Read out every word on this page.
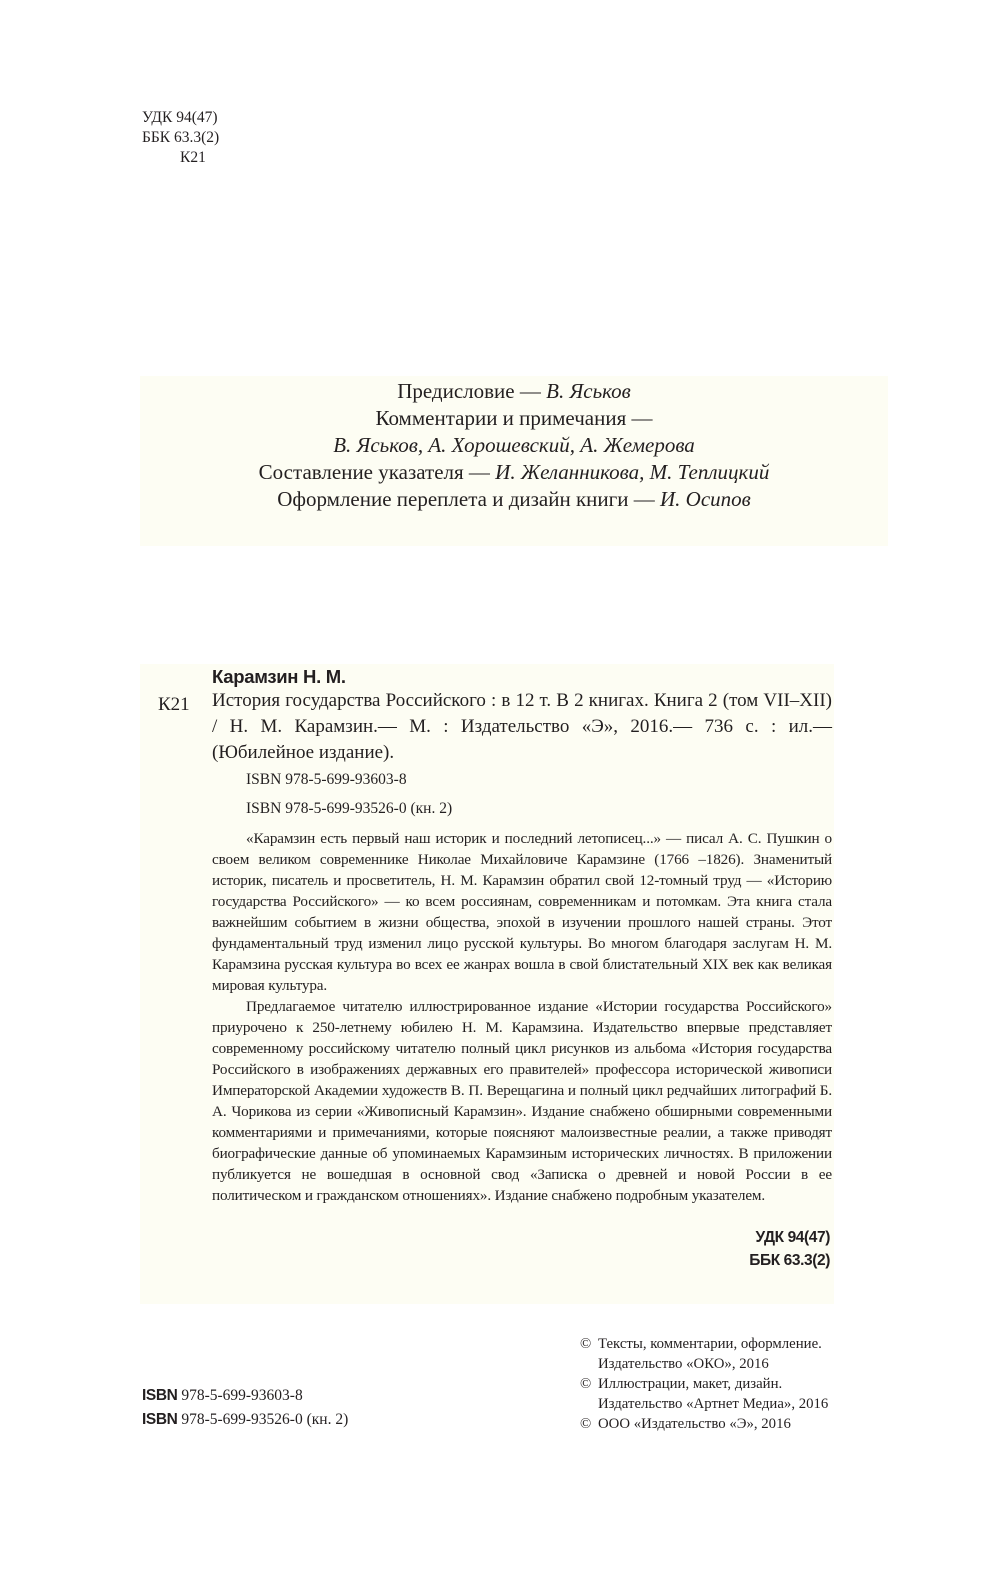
УДК 94(47)
ББК 63.3(2)
К21
Предисловие — В. Яськов
Комментарии и примечания —
В. Яськов, А. Хорошевский, А. Жемерова
Составление указателя — И. Желанникова, М. Теплицкий
Оформление переплета и дизайн книги — И. Осипов
Карамзин Н. М.
К21 История государства Российского : в 12 т. В 2 книгах. Книга 2 (том VII–XII) / Н. М. Карамзин.— М. : Издательство «Э», 2016.— 736 с. : ил.— (Юбилейное издание).
ISBN 978-5-699-93603-8
ISBN 978-5-699-93526-0 (кн. 2)
«Карамзин есть первый наш историк и последний летописец...» — писал А. С. Пушкин о своем великом современнике Николае Михайловиче Карамзине (1766 –1826). Знаменитый историк, писатель и просветитель, Н. М. Карамзин обратил свой 12-томный труд — «Историю государства Российского» — ко всем россиянам, современникам и потомкам. Эта книга стала важнейшим событием в жизни общества, эпохой в изучении прошлого нашей страны. Этот фундаментальный труд изменил лицо русской культуры. Во многом благодаря заслугам Н. М. Карамзина русская культура во всех ее жанрах вошла в свой блистательный XIX век как великая мировая культура.
Предлагаемое читателю иллюстрированное издание «Истории государства Российского» приурочено к 250-летнему юбилею Н. М. Карамзина. Издательство впервые представляет современному российскому читателю полный цикл рисунков из альбома «История государства Российского в изображениях державных его правителей» профессора исторической живописи Императорской Академии художеств В. П. Верещагина и полный цикл редчайших литографий Б. А. Чорикова из серии «Живописный Карамзин». Издание снабжено обширными современными комментариями и примечаниями, которые поясняют малоизвестные реалии, а также приводят биографические данные об упоминаемых Карамзиным исторических личностях. В приложении публикуется не вошедшая в основной свод «Записка о древней и новой России в ее политическом и гражданском отношениях». Издание снабжено подробным указателем.
УДК 94(47)
ББК 63.3(2)
ISBN 978-5-699-93603-8
ISBN 978-5-699-93526-0 (кн. 2)
© Тексты, комментарии, оформление.
Издательство «ОКО», 2016
© Иллюстрации, макет, дизайн.
Издательство «Артнет Медиа», 2016
© ООО «Издательство «Э», 2016
